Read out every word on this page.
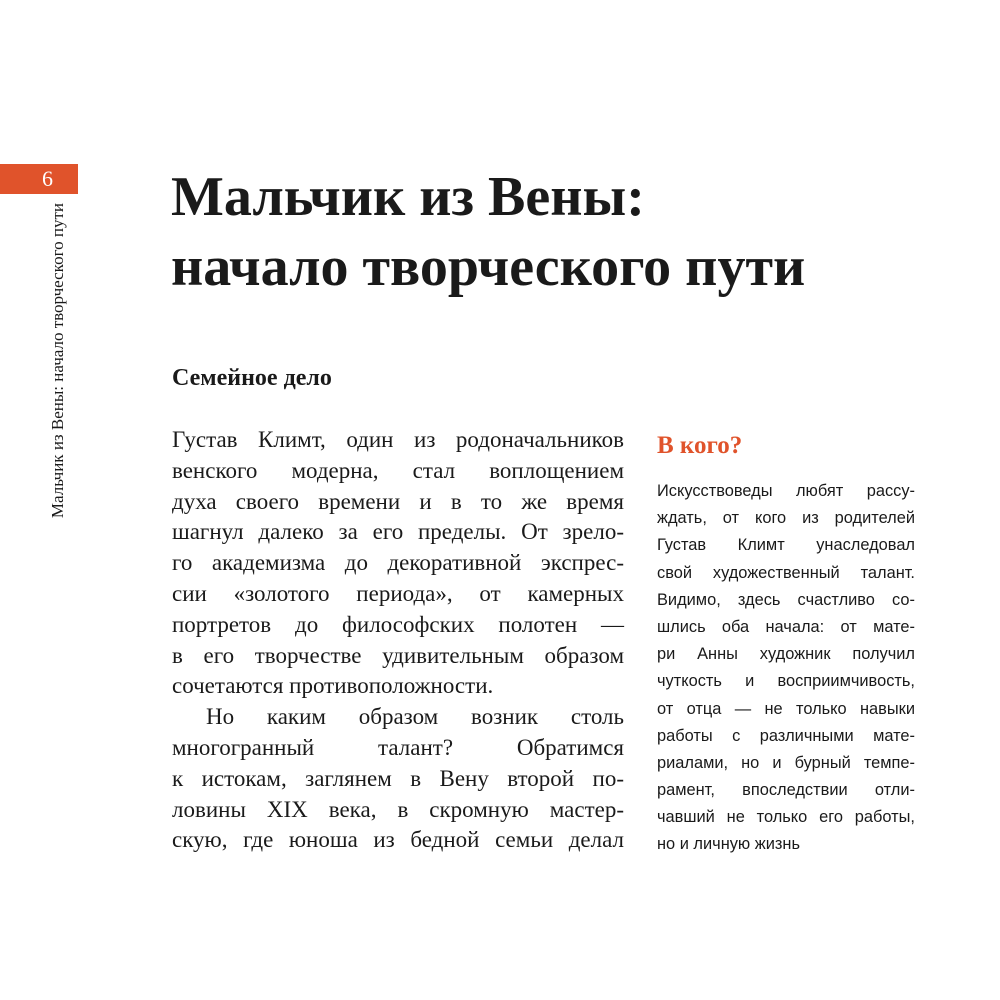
6
Мальчик из Вены: начало творческого пути
Мальчик из Вены:
начало творческого пути
Семейное дело
Густав Климт, один из родоначальников
венского модерна, стал воплощением
духа своего времени и в то же время
шагнул далеко за его пределы. От зрело-
го академизма до декоративной экспрес-
сии «золотого периода», от камерных
портретов до философских полотен —
в его творчестве удивительным образом
сочетаются противоположности.
Но каким образом возник столь
многогранный талант? Обратимся
к истокам, заглянем в Вену второй по-
ловины XIX века, в скромную мастер-
скую, где юноша из бедной семьи делал
В кого?
Искусствоведы любят рассу-
ждать, от кого из родителей
Густав Климт унаследовал
свой художественный талант.
Видимо, здесь счастливо со-
шлись оба начала: от мате-
ри Анны художник получил
чуткость и восприимчивость,
от отца — не только навыки
работы с различными мате-
риалами, но и бурный темпе-
рамент, впоследствии отли-
чавший не только его работы,
но и личную жизнь
